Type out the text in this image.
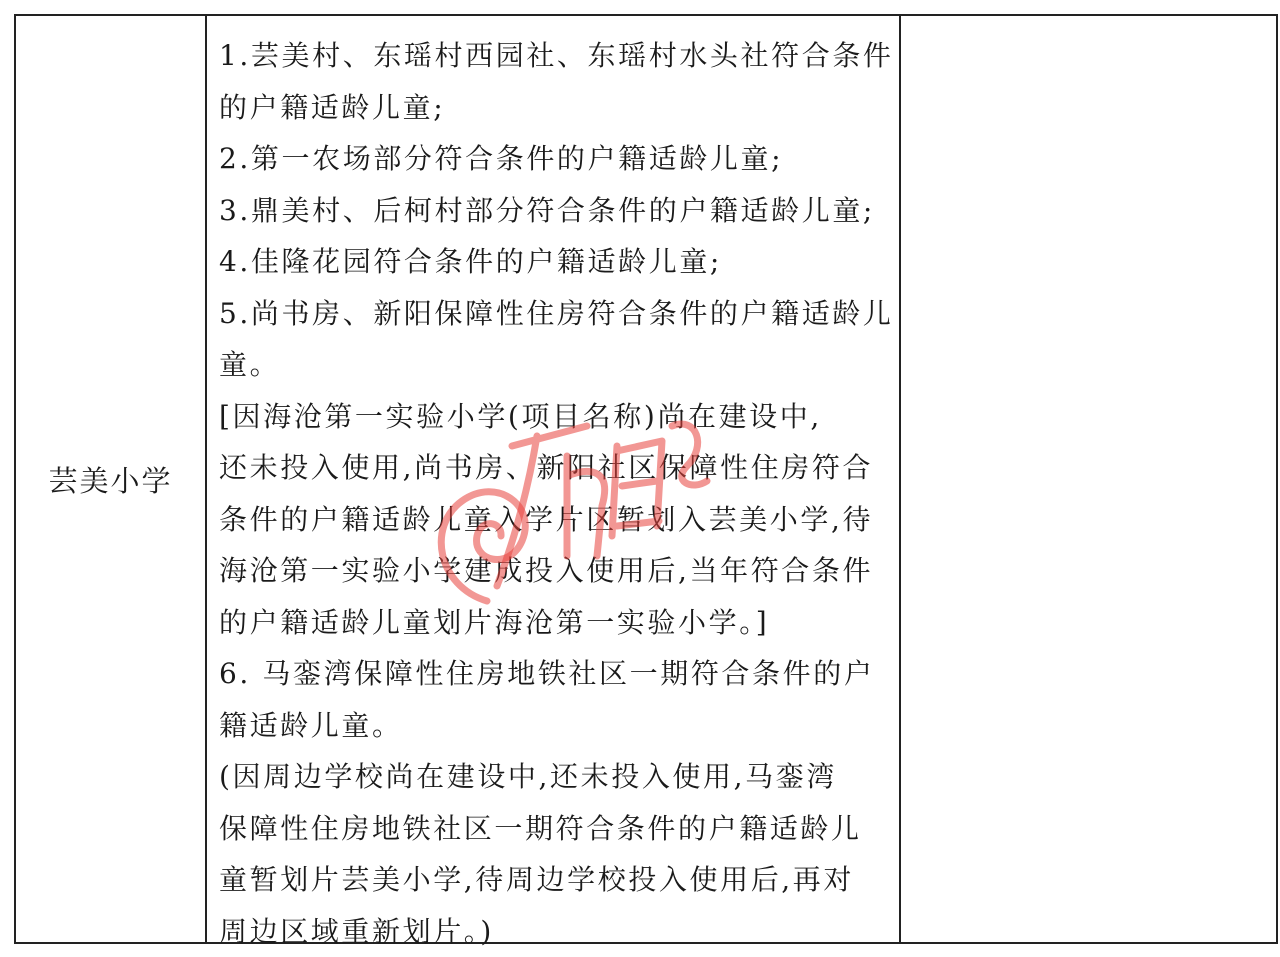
芸美小学
1.芸美村、东瑶村西园社、东瑶村水头社符合条件
的户籍适龄儿童;
2.第一农场部分符合条件的户籍适龄儿童;
3.鼎美村、后柯村部分符合条件的户籍适龄儿童;
4.佳隆花园符合条件的户籍适龄儿童;
5.尚书房、新阳保障性住房符合条件的户籍适龄儿
童。
[因海沧第一实验小学(项目名称)尚在建设中,
还未投入使用,尚书房、新阳社区保障性住房符合
条件的户籍适龄儿童入学片区暂划入芸美小学,待
海沧第一实验小学建成投入使用后,当年符合条件
的户籍适龄儿童划片海沧第一实验小学。]
6. 马銮湾保障性住房地铁社区一期符合条件的户
籍适龄儿童。
(因周边学校尚在建设中,还未投入使用,马銮湾
保障性住房地铁社区一期符合条件的户籍适龄儿
童暂划片芸美小学,待周边学校投入使用后,再对
周边区域重新划片。)
